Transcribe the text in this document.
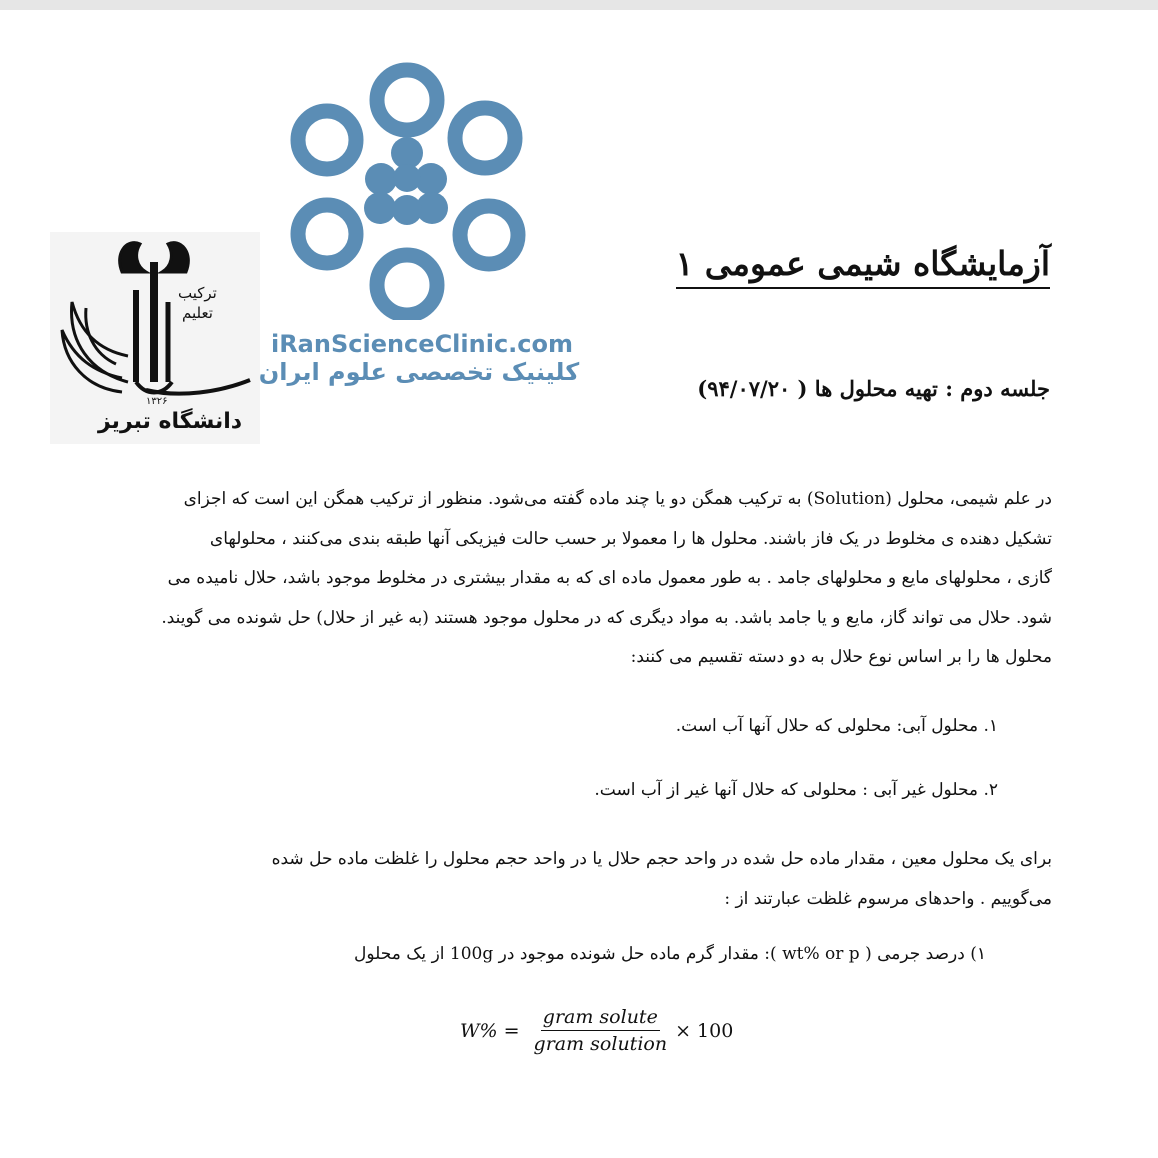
ترکیب
تعلیم
۱۳۲۶
دانشگاه تبریز
iRanScienceClinic.com
کلینیک تخصصی علوم ایران
آزمایشگاه شیمی عمومی ۱
جلسه دوم : تهیه محلول ها ( ۹۴/۰۷/۲۰)
در علم شیمی، محلول (Solution) به ترکیب همگن دو یا چند ماده گفته می‌شود. منظور از ترکیب همگن این است که اجزای
تشکیل دهنده ی مخلوط در یک فاز باشند. محلول ها را معمولا بر حسب حالت فیزیکی آنها طبقه بندی می‌کنند ، محلولهای
گازی ، محلولهای مایع و محلولهای جامد . به طور معمول ماده ای که به مقدار بیشتری در مخلوط موجود باشد، حلال نامیده می
شود. حلال می تواند گاز، مایع و یا جامد باشد. به مواد دیگری که در محلول موجود هستند (به غیر از حلال) حل شونده می گویند.
محلول ها را بر اساس نوع حلال به دو دسته تقسیم می کنند:
۱. محلول آبی: محلولی که حلال آنها آب است.
۲. محلول غیر آبی : محلولی که حلال آنها غیر از آب است.
برای یک محلول معین ، مقدار ماده حل شده در واحد حجم حلال یا در واحد حجم محلول را غلظت ماده حل شده
می‌گوییم . واحدهای مرسوم غلظت عبارتند از :
۱) درصد جرمی ( wt% or p ): مقدار گرم ماده حل شونده موجود در 100g از یک محلول
$W\% = \frac{\text{gram solute}}{\text{gram solution}} \times 100$
